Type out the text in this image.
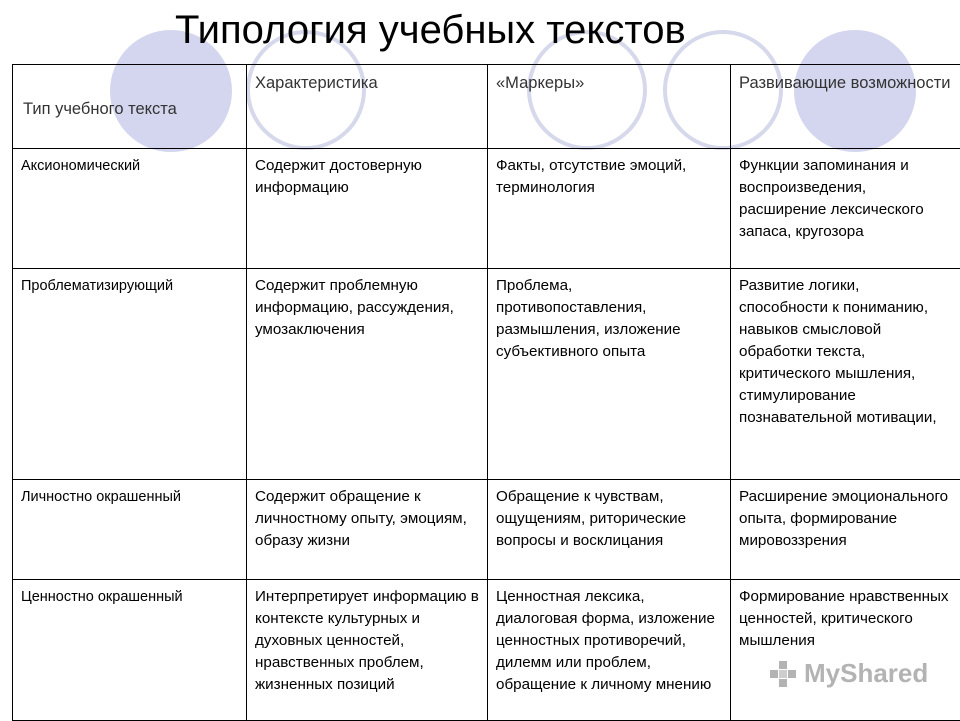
Типология учебных текстов
Тип учебного текста	Характеристика	«Маркеры»	Развивающие возможности
Аксиономический	Содержит достоверную информацию	Факты, отсутствие эмоций, терминология	Функции запоминания и воспроизведения, расширение лексического запаса, кругозора
Проблематизирующий	Содержит проблемную информацию, рассуждения, умозаключения	Проблема, противопоставления, размышления, изложение субъективного опыта	Развитие логики, способности к пониманию, навыков смысловой обработки текста, критического мышления, стимулирование познавательной мотивации,
Личностно окрашенный	Содержит обращение к личностному опыту, эмоциям, образу жизни	Обращение к чувствам, ощущениям, риторические вопросы и восклицания	Расширение эмоционального опыта, формирование мировоззрения
Ценностно окрашенный	Интерпретирует информацию в контексте культурных и духовных ценностей, нравственных проблем, жизненных позиций	Ценностная лексика, диалоговая форма, изложение ценностных противоречий, дилемм или проблем, обращение к личному мнению	Формирование нравственных ценностей, критического мышления
MyShared
